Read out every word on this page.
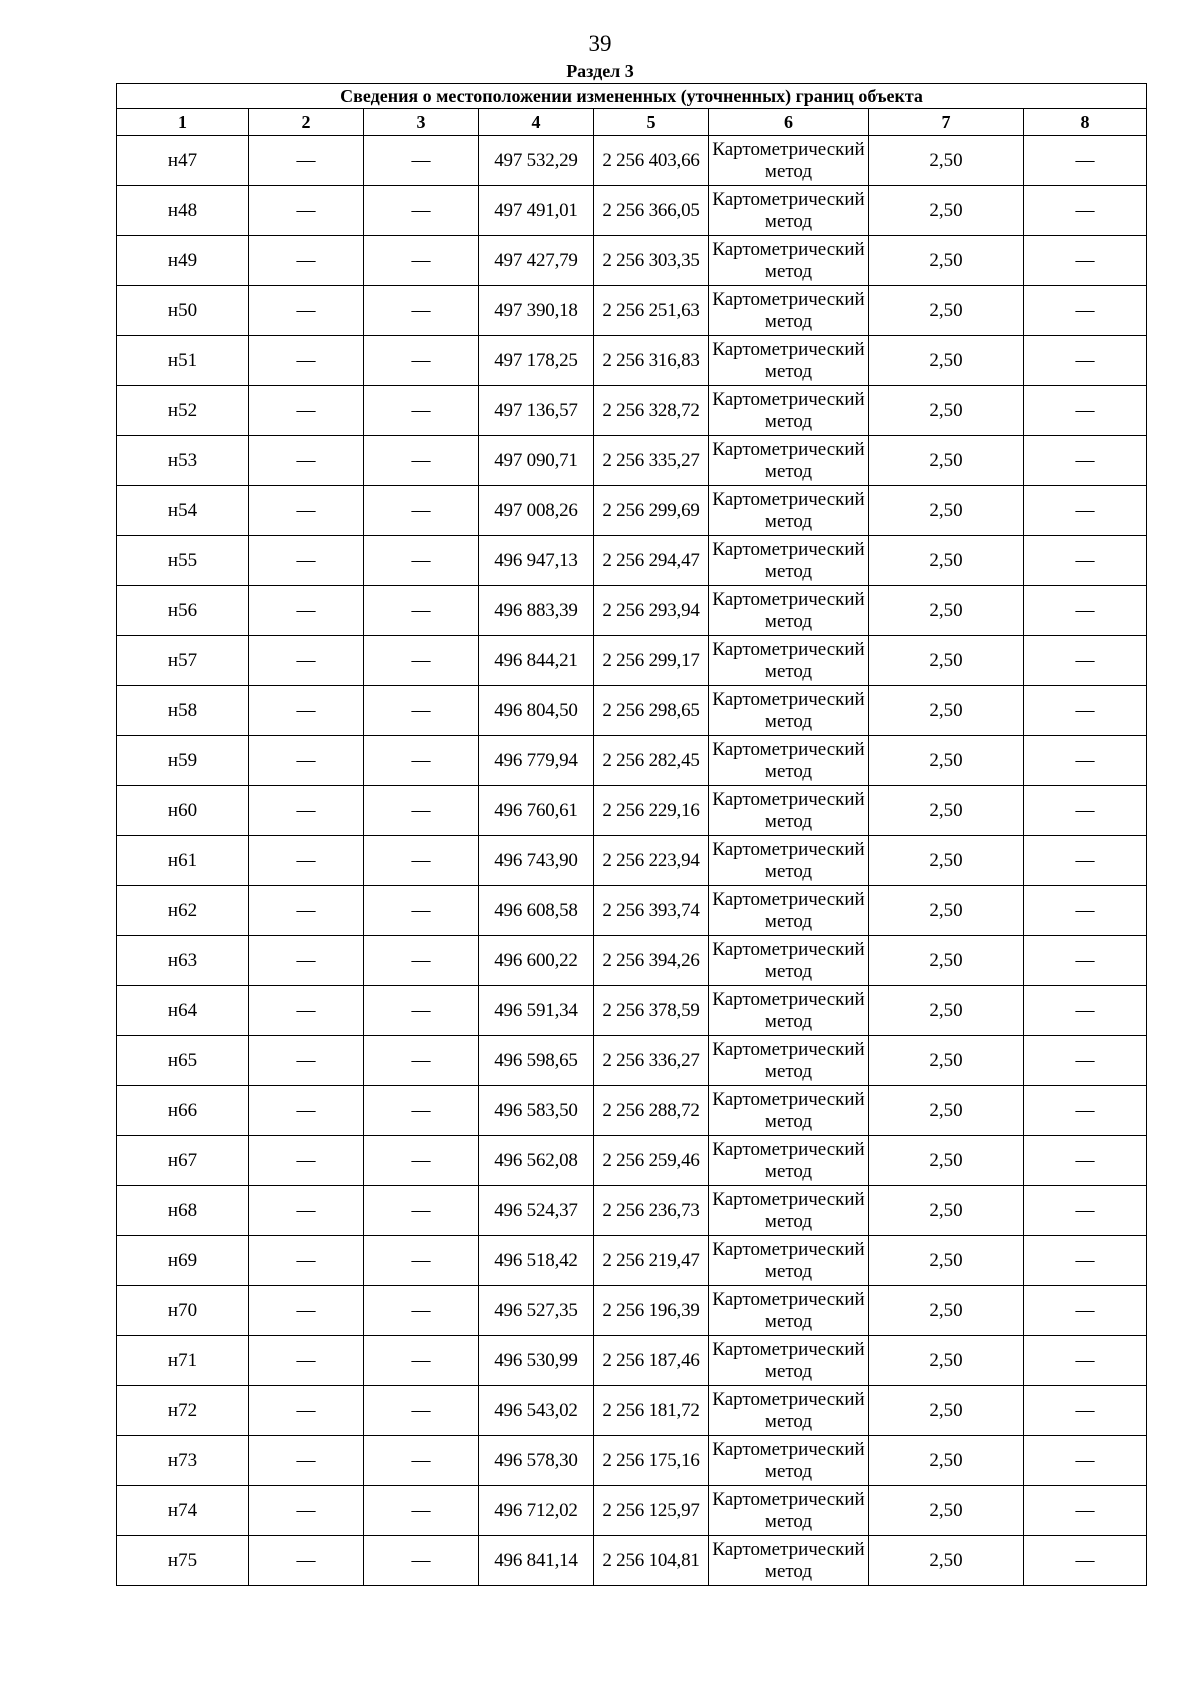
39
Раздел 3
Сведения о местоположении измененных (уточненных) границ объекта							
1	2	3	4	5	6	7	8
н47	—	—	497 532,29	2 256 403,66	Картометрический метод	2,50	—
н48	—	—	497 491,01	2 256 366,05	Картометрический метод	2,50	—
н49	—	—	497 427,79	2 256 303,35	Картометрический метод	2,50	—
н50	—	—	497 390,18	2 256 251,63	Картометрический метод	2,50	—
н51	—	—	497 178,25	2 256 316,83	Картометрический метод	2,50	—
н52	—	—	497 136,57	2 256 328,72	Картометрический метод	2,50	—
н53	—	—	497 090,71	2 256 335,27	Картометрический метод	2,50	—
н54	—	—	497 008,26	2 256 299,69	Картометрический метод	2,50	—
н55	—	—	496 947,13	2 256 294,47	Картометрический метод	2,50	—
н56	—	—	496 883,39	2 256 293,94	Картометрический метод	2,50	—
н57	—	—	496 844,21	2 256 299,17	Картометрический метод	2,50	—
н58	—	—	496 804,50	2 256 298,65	Картометрический метод	2,50	—
н59	—	—	496 779,94	2 256 282,45	Картометрический метод	2,50	—
н60	—	—	496 760,61	2 256 229,16	Картометрический метод	2,50	—
н61	—	—	496 743,90	2 256 223,94	Картометрический метод	2,50	—
н62	—	—	496 608,58	2 256 393,74	Картометрический метод	2,50	—
н63	—	—	496 600,22	2 256 394,26	Картометрический метод	2,50	—
н64	—	—	496 591,34	2 256 378,59	Картометрический метод	2,50	—
н65	—	—	496 598,65	2 256 336,27	Картометрический метод	2,50	—
н66	—	—	496 583,50	2 256 288,72	Картометрический метод	2,50	—
н67	—	—	496 562,08	2 256 259,46	Картометрический метод	2,50	—
н68	—	—	496 524,37	2 256 236,73	Картометрический метод	2,50	—
н69	—	—	496 518,42	2 256 219,47	Картометрический метод	2,50	—
н70	—	—	496 527,35	2 256 196,39	Картометрический метод	2,50	—
н71	—	—	496 530,99	2 256 187,46	Картометрический метод	2,50	—
н72	—	—	496 543,02	2 256 181,72	Картометрический метод	2,50	—
н73	—	—	496 578,30	2 256 175,16	Картометрический метод	2,50	—
н74	—	—	496 712,02	2 256 125,97	Картометрический метод	2,50	—
н75	—	—	496 841,14	2 256 104,81	Картометрический метод	2,50	—
